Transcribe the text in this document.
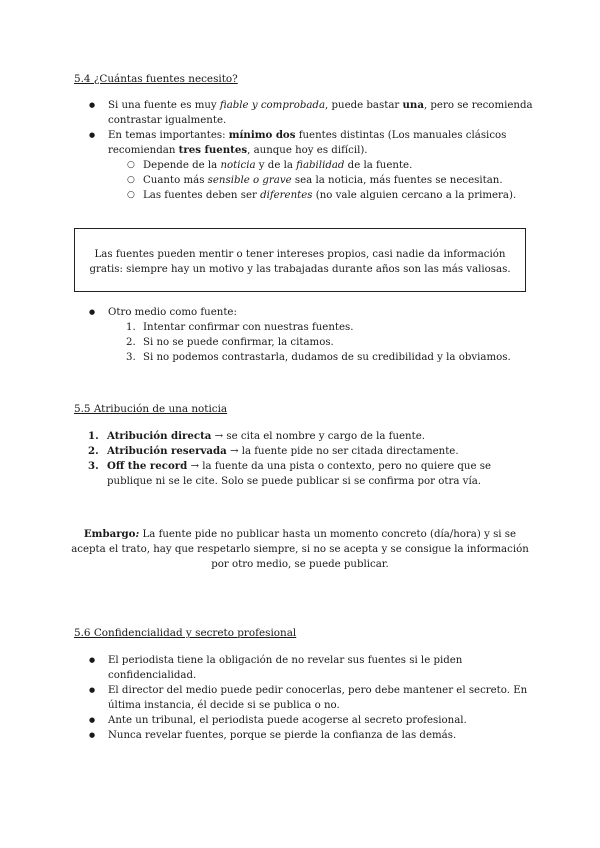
5.4 ¿Cuántas fuentes necesito?
● Si una fuente es muy fiable y comprobada, puede bastar una, pero se recomienda contrastar igualmente.
● En temas importantes: mínimo dos fuentes distintas (Los manuales clásicos recomiendan tres fuentes, aunque hoy es difícil).
○ Depende de la noticia y de la fiabilidad de la fuente.
○ Cuanto más sensible o grave sea la noticia, más fuentes se necesitan.
○ Las fuentes deben ser diferentes (no vale alguien cercano a la primera).
Las fuentes pueden mentir o tener intereses propios, casi nadie da información gratis: siempre hay un motivo y las trabajadas durante años son las más valiosas.
● Otro medio como fuente:
1. Intentar confirmar con nuestras fuentes.
2. Si no se puede confirmar, la citamos.
3. Si no podemos contrastarla, dudamos de su credibilidad y la obviamos.
5.5 Atribución de una noticia
1. Atribución directa → se cita el nombre y cargo de la fuente.
2. Atribución reservada → la fuente pide no ser citada directamente.
3. Off the record → la fuente da una pista o contexto, pero no quiere que se publique ni se le cite. Solo se puede publicar si se confirma por otra vía.
Embargo: La fuente pide no publicar hasta un momento concreto (día/hora) y si se acepta el trato, hay que respetarlo siempre, si no se acepta y se consigue la información por otro medio, se puede publicar.
5.6 Confidencialidad y secreto profesional
● El periodista tiene la obligación de no revelar sus fuentes si le piden confidencialidad.
● El director del medio puede pedir conocerlas, pero debe mantener el secreto. En última instancia, él decide si se publica o no.
● Ante un tribunal, el periodista puede acogerse al secreto profesional.
● Nunca revelar fuentes, porque se pierde la confianza de las demás.
